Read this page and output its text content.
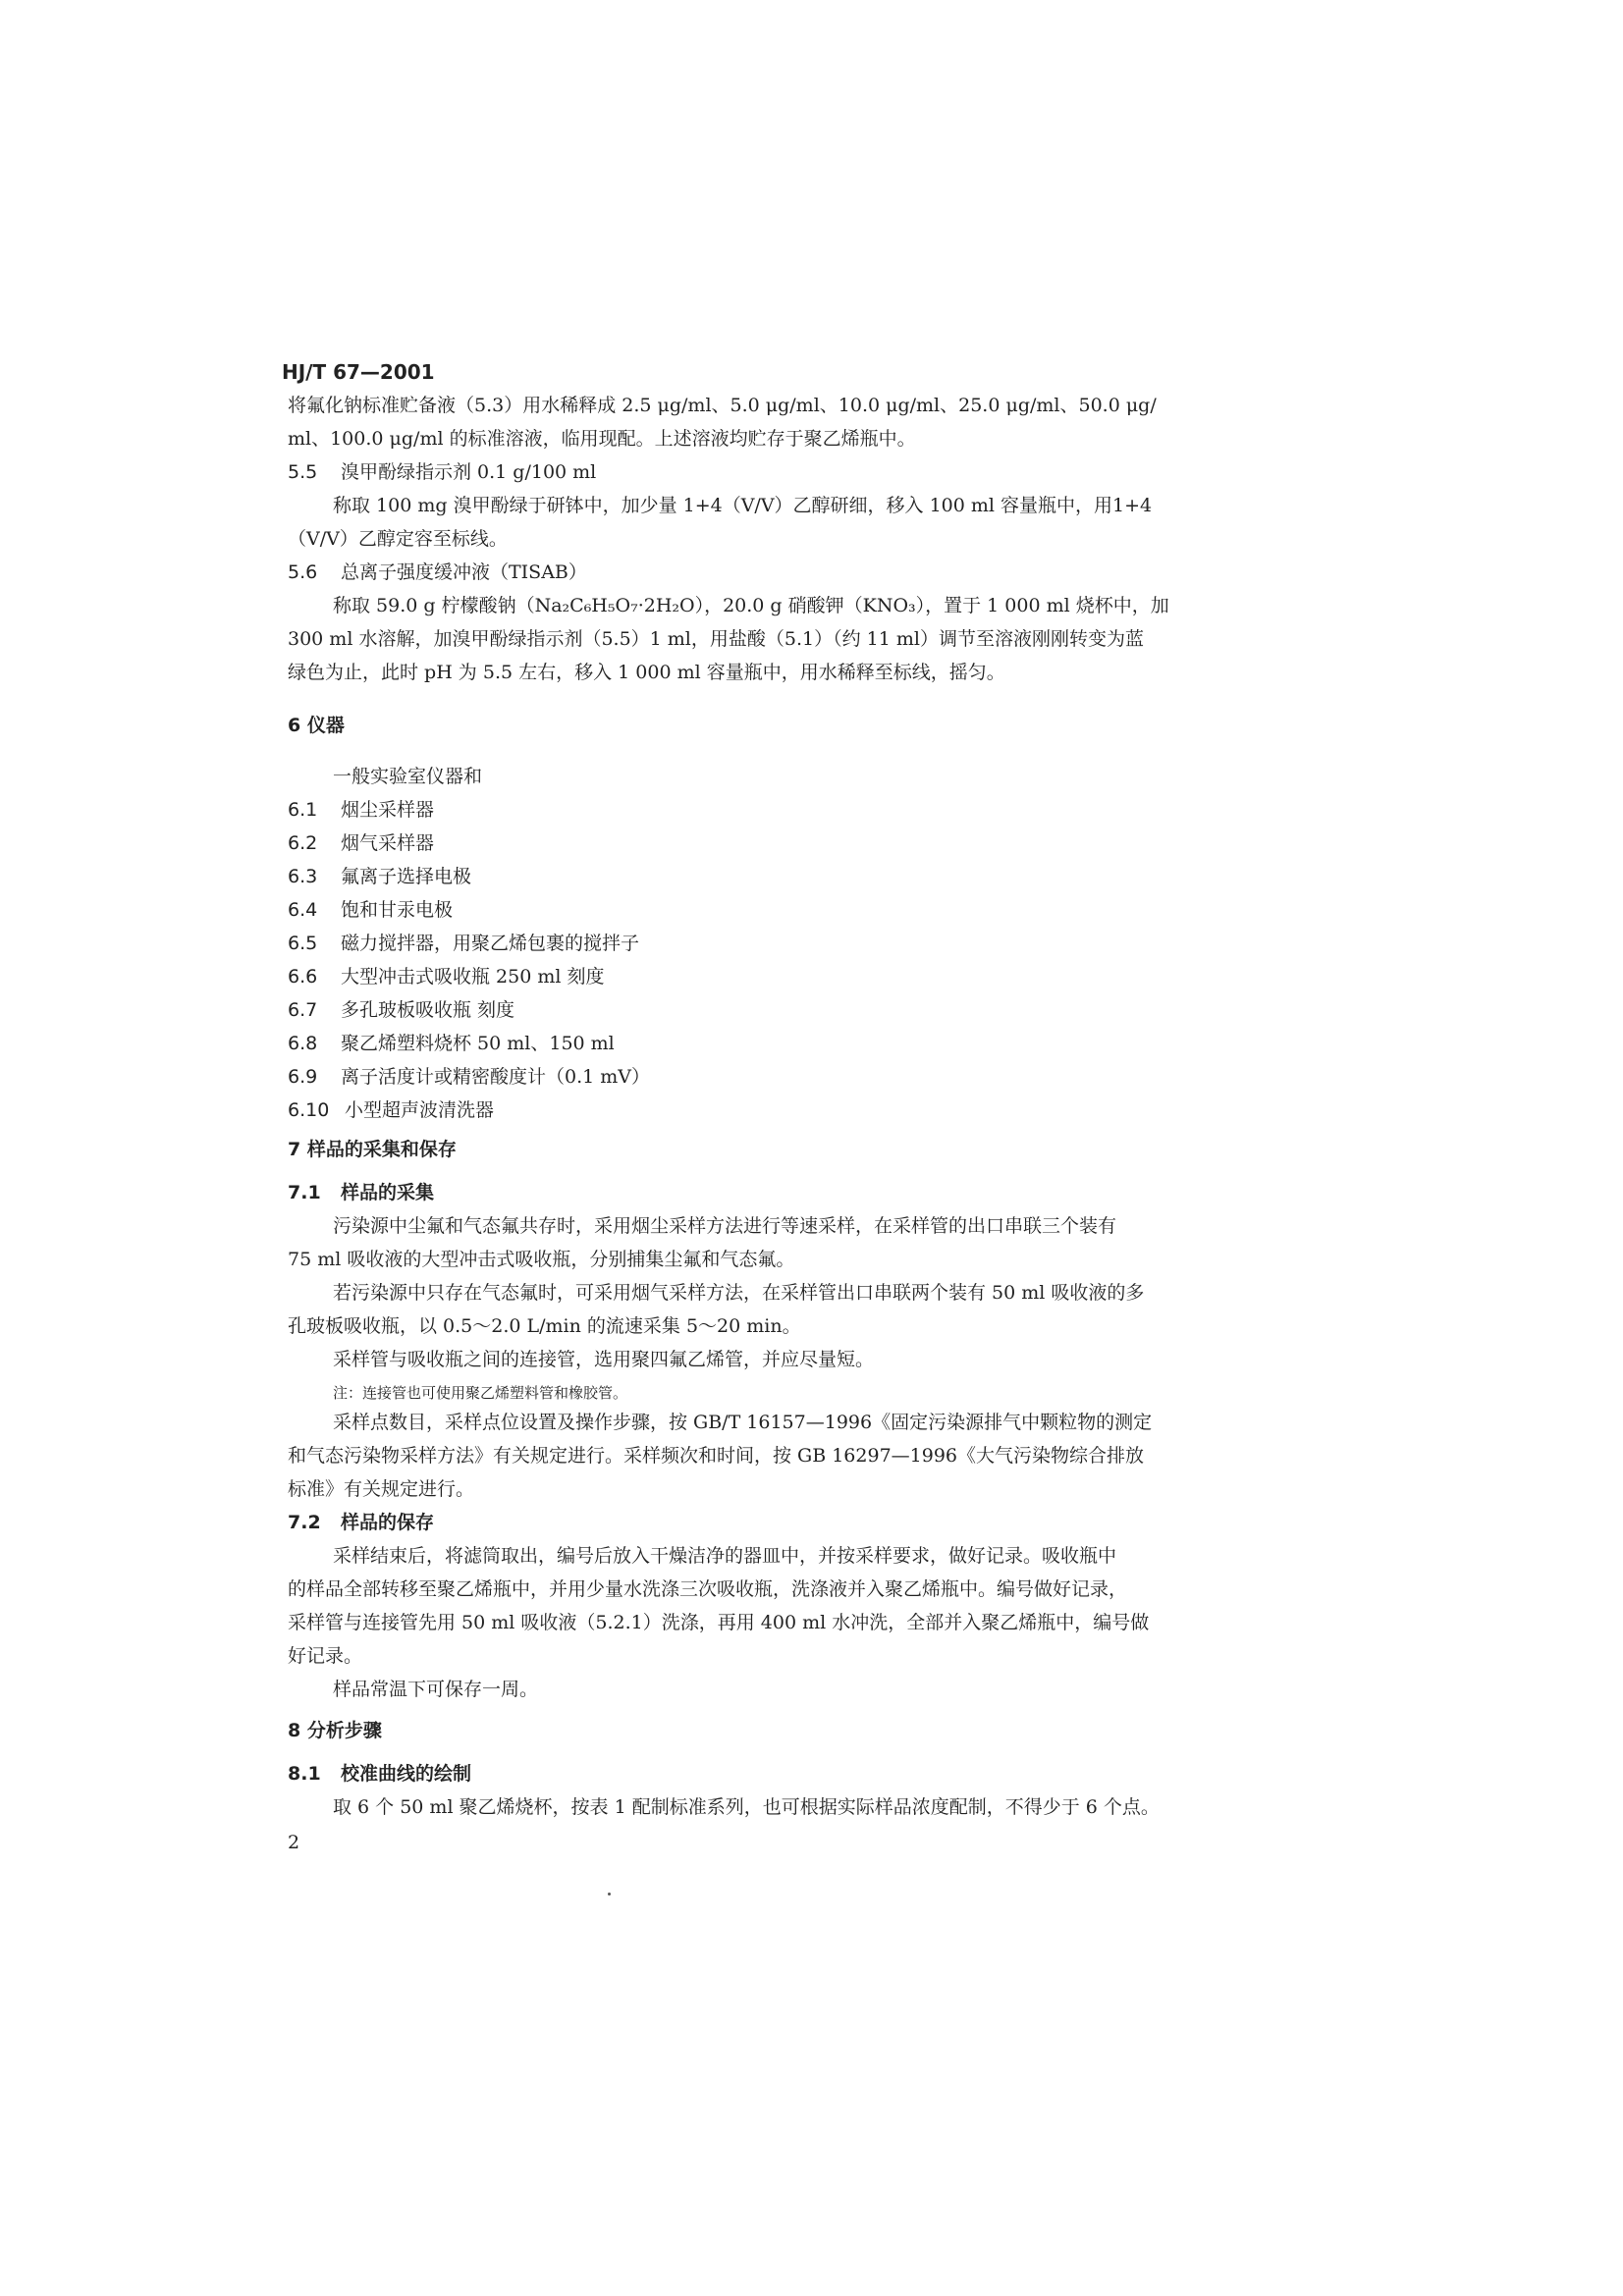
HJ/T 67—2001
将氟化钠标准贮备液（5.3）用水稀释成 2.5 μg/ml、5.0 μg/ml、10.0 μg/ml、25.0 μg/ml、50.0 μg/
ml、100.0 μg/ml 的标准溶液，临用现配。上述溶液均贮存于聚乙烯瓶中。
5.5 溴甲酚绿指示剂 0.1 g/100 ml
称取 100 mg 溴甲酚绿于研钵中，加少量 1+4（V/V）乙醇研细，移入 100 ml 容量瓶中，用1+4
（V/V）乙醇定容至标线。
5.6 总离子强度缓冲液（TISAB）
称取 59.0 g 柠檬酸钠（Na₂C₆H₅O₇·2H₂O），20.0 g 硝酸钾（KNO₃），置于 1 000 ml 烧杯中，加
300 ml 水溶解，加溴甲酚绿指示剂（5.5）1 ml，用盐酸（5.1）（约 11 ml）调节至溶液刚刚转变为蓝
绿色为止，此时 pH 为 5.5 左右，移入 1 000 ml 容量瓶中，用水稀释至标线，摇匀。
6 仪器
一般实验室仪器和
6.1 烟尘采样器
6.2 烟气采样器
6.3 氟离子选择电极
6.4 饱和甘汞电极
6.5 磁力搅拌器，用聚乙烯包裹的搅拌子
6.6 大型冲击式吸收瓶 250 ml 刻度
6.7 多孔玻板吸收瓶 刻度
6.8 聚乙烯塑料烧杯 50 ml、150 ml
6.9 离子活度计或精密酸度计（0.1 mV）
6.10 小型超声波清洗器
7 样品的采集和保存
7.1 样品的采集
污染源中尘氟和气态氟共存时，采用烟尘采样方法进行等速采样，在采样管的出口串联三个装有
75 ml 吸收液的大型冲击式吸收瓶，分别捕集尘氟和气态氟。
若污染源中只存在气态氟时，可采用烟气采样方法，在采样管出口串联两个装有 50 ml 吸收液的多
孔玻板吸收瓶，以 0.5～2.0 L/min 的流速采集 5～20 min。
采样管与吸收瓶之间的连接管，选用聚四氟乙烯管，并应尽量短。
注：连接管也可使用聚乙烯塑料管和橡胶管。
采样点数目，采样点位设置及操作步骤，按 GB/T 16157—1996《固定污染源排气中颗粒物的测定
和气态污染物采样方法》有关规定进行。采样频次和时间，按 GB 16297—1996《大气污染物综合排放
标准》有关规定进行。
7.2 样品的保存
采样结束后，将滤筒取出，编号后放入干燥洁净的器皿中，并按采样要求，做好记录。吸收瓶中
的样品全部转移至聚乙烯瓶中，并用少量水洗涤三次吸收瓶，洗涤液并入聚乙烯瓶中。编号做好记录，
采样管与连接管先用 50 ml 吸收液（5.2.1）洗涤，再用 400 ml 水冲洗，全部并入聚乙烯瓶中，编号做
好记录。
样品常温下可保存一周。
8 分析步骤
8.1 校准曲线的绘制
取 6 个 50 ml 聚乙烯烧杯，按表 1 配制标准系列，也可根据实际样品浓度配制，不得少于 6 个点。
2
